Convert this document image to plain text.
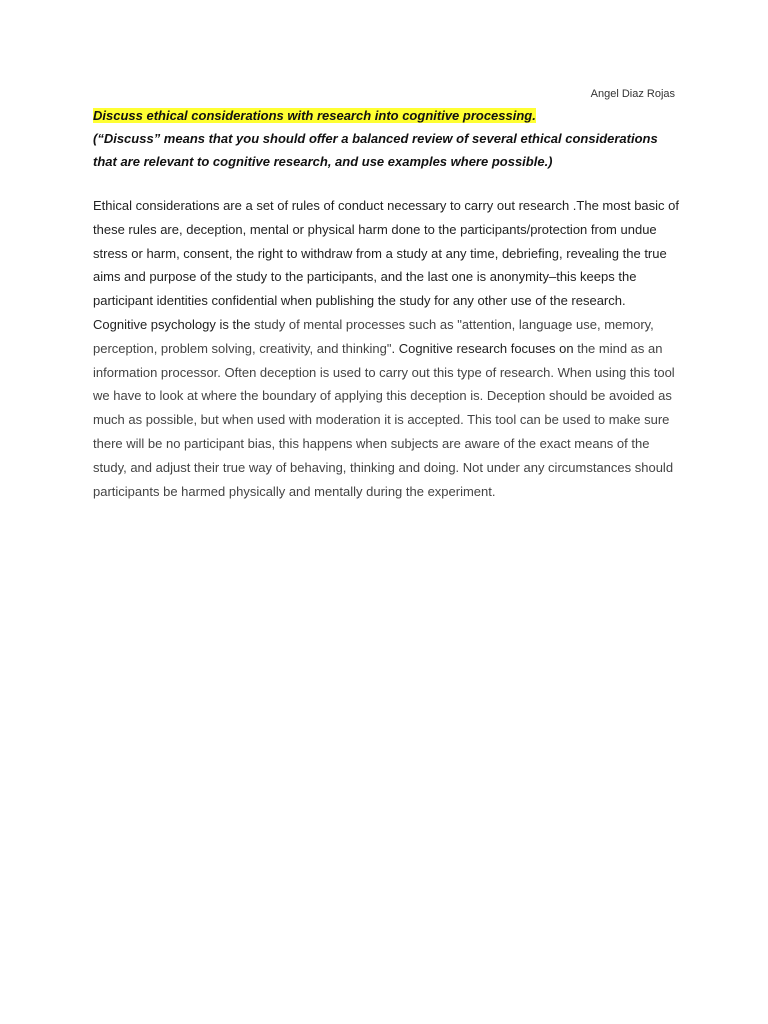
Angel Diaz Rojas
Discuss ethical considerations with research into cognitive processing.
(“Discuss” means that you should offer a balanced review of several ethical considerations that are relevant to cognitive research, and use examples where possible.)
Ethical considerations are a set of rules of conduct necessary to carry out research .The most basic of these rules are, deception, mental or physical harm done to the participants/protection from undue stress or harm, consent, the right to withdraw from a study at any time, debriefing, revealing the true aims and purpose of the study to the participants, and the last one is anonymity–this keeps the participant identities confidential when publishing the study for any other use of the research. Cognitive psychology is the study of mental processes such as "attention, language use, memory, perception, problem solving, creativity, and thinking". Cognitive research focuses on the mind as an information processor. Often deception is used to carry out this type of research. When using this tool we have to look at where the boundary of applying this deception is. Deception should be avoided as much as possible, but when used with moderation it is accepted. This tool can be used to make sure there will be no participant bias, this happens when subjects are aware of the exact means of the study, and adjust their true way of behaving, thinking and doing. Not under any circumstances should participants be harmed physically and mentally during the experiment.
